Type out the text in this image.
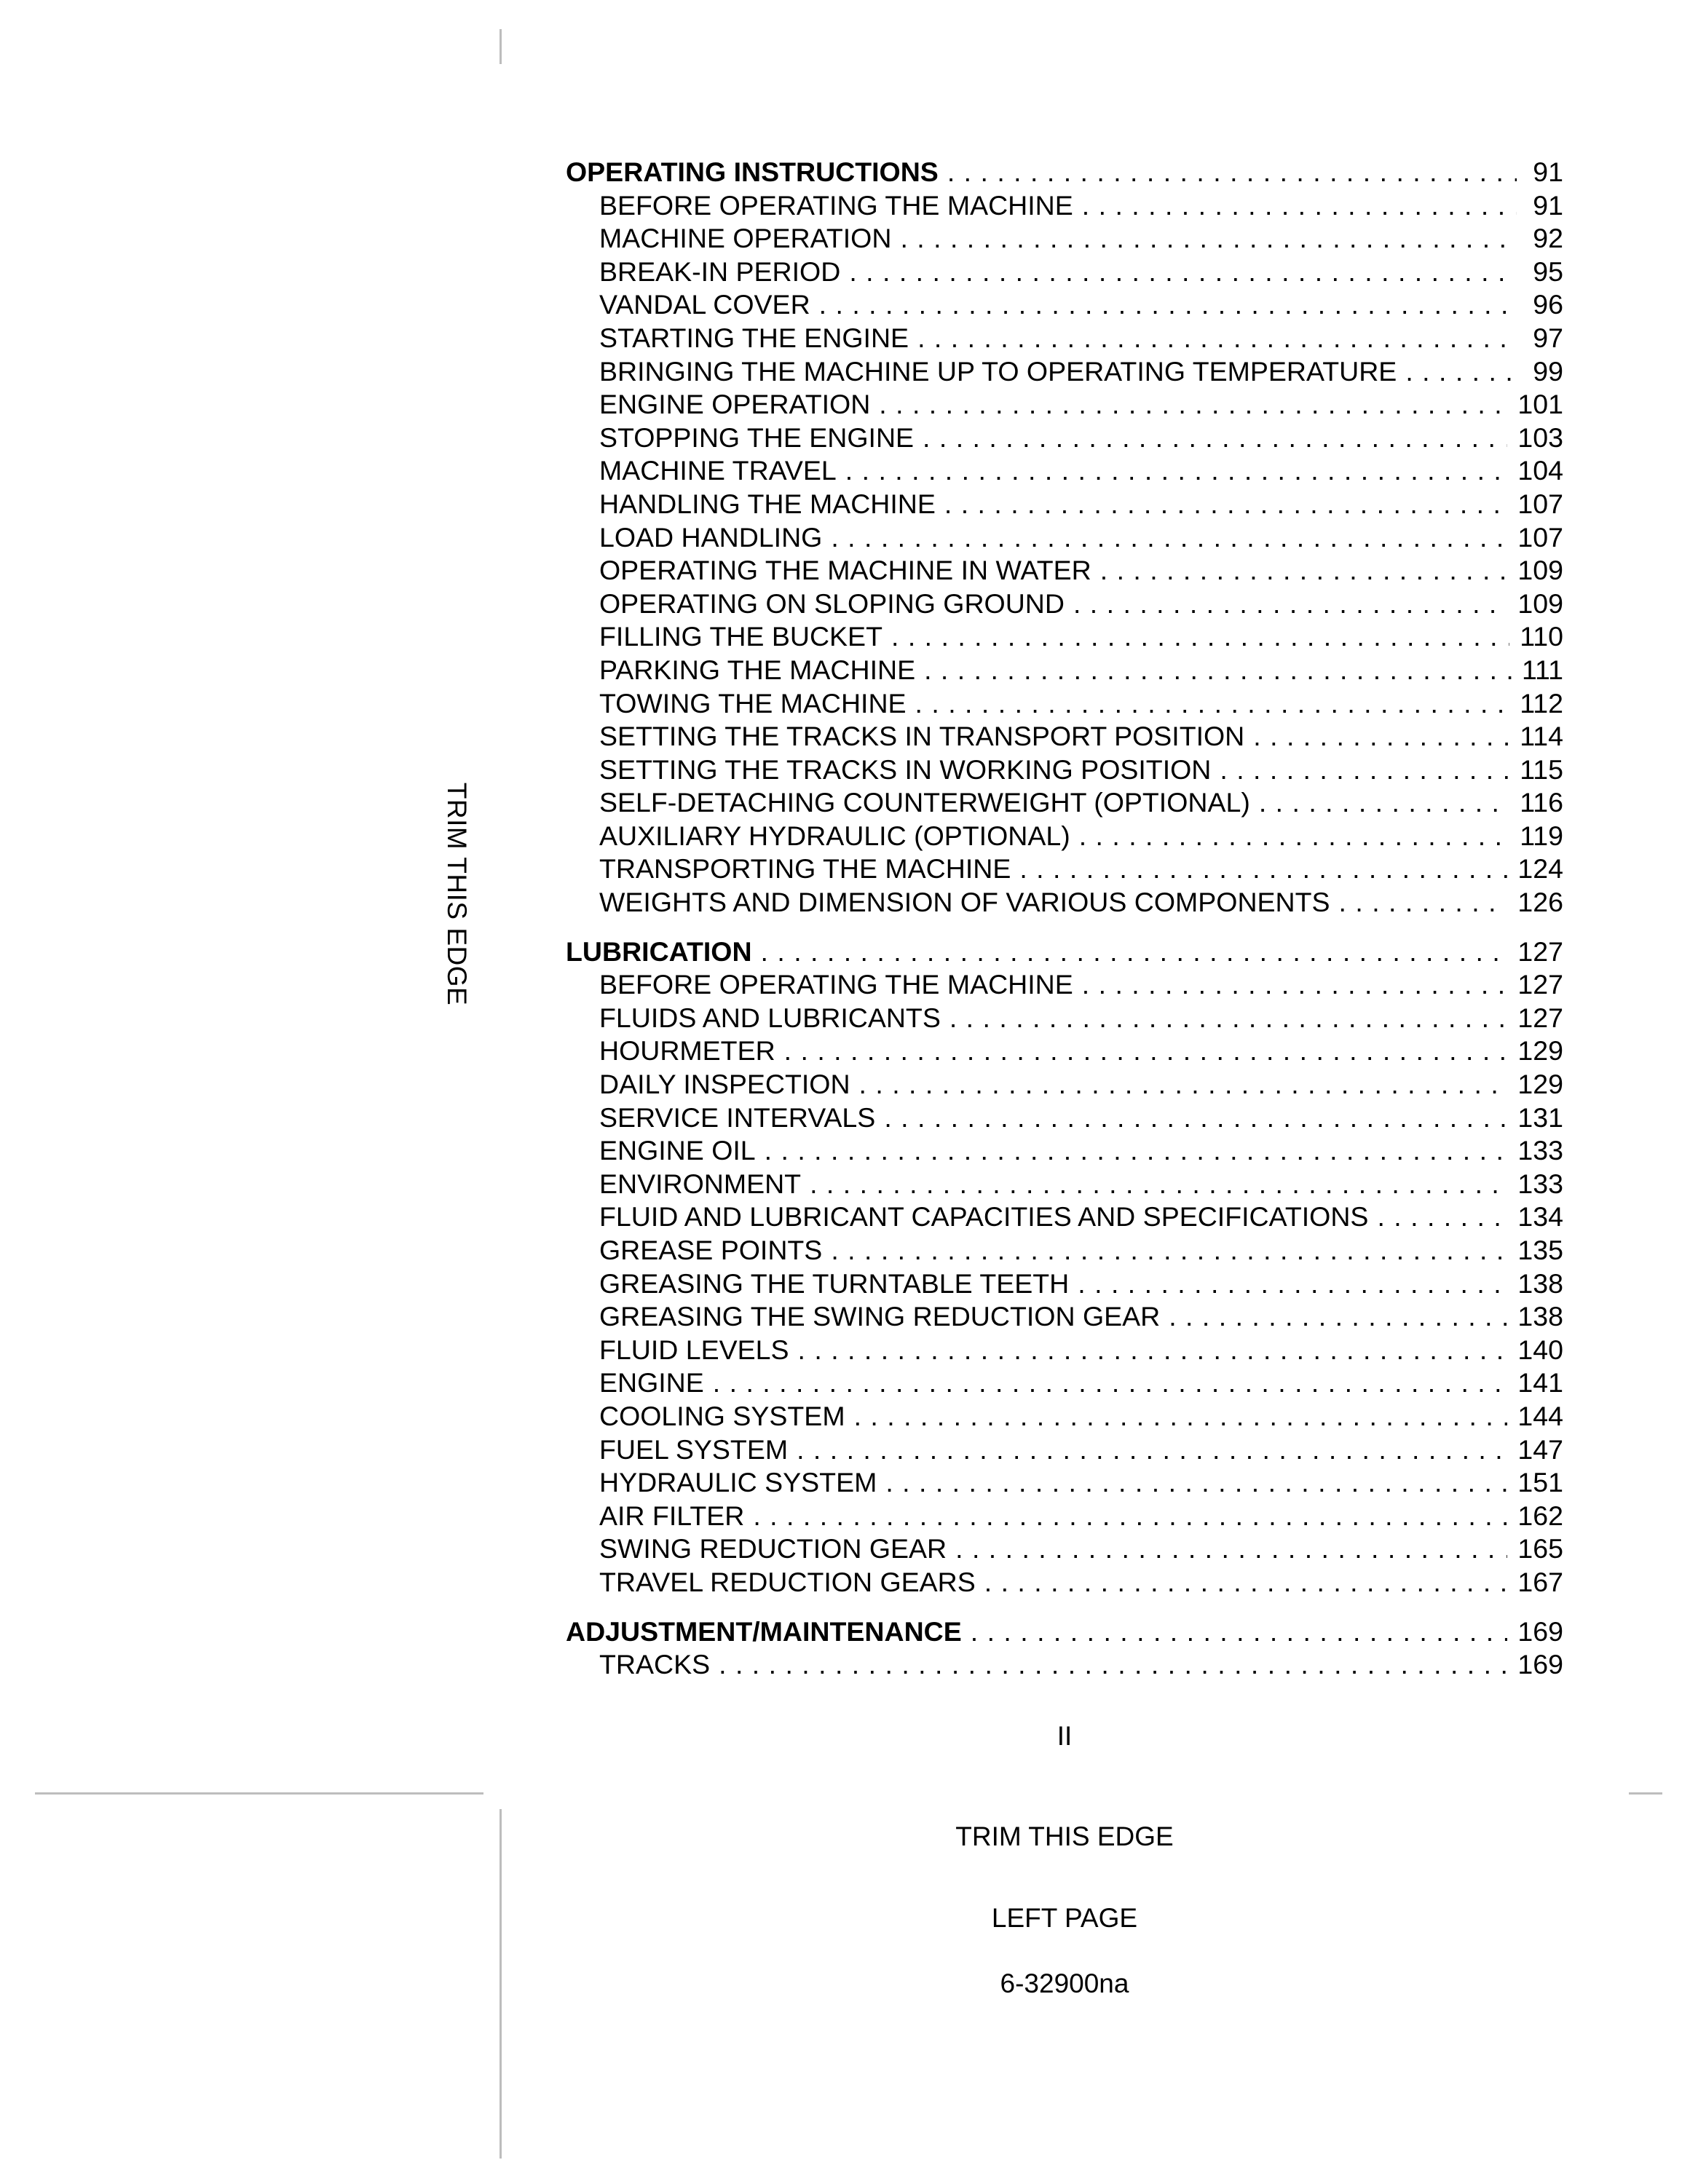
TRIM THIS EDGE
OPERATING INSTRUCTIONS . . .	91
BEFORE OPERATING THE MACHINE . . .	91
MACHINE OPERATION . . .	92
BREAK-IN PERIOD . . .	95
VANDAL COVER . . .	96
STARTING THE ENGINE . . .	97
BRINGING THE MACHINE UP TO OPERATING TEMPERATURE . . .	99
ENGINE OPERATION . . .	101
STOPPING THE ENGINE . . .	103
MACHINE TRAVEL . . .	104
HANDLING THE MACHINE . . .	107
LOAD HANDLING . . .	107
OPERATING THE MACHINE IN WATER . . .	109
OPERATING ON SLOPING GROUND . . .	109
FILLING THE BUCKET . . .	110
PARKING THE MACHINE . . .	111
TOWING THE MACHINE . . .	112
SETTING THE TRACKS IN TRANSPORT POSITION . . .	114
SETTING THE TRACKS IN WORKING POSITION . . .	115
SELF-DETACHING COUNTERWEIGHT (OPTIONAL) . . .	116
AUXILIARY HYDRAULIC (OPTIONAL) . . .	119
TRANSPORTING THE MACHINE . . .	124
WEIGHTS AND DIMENSION OF VARIOUS COMPONENTS . . .	126
LUBRICATION . . .	127
BEFORE OPERATING THE MACHINE . . .	127
FLUIDS AND LUBRICANTS . . .	127
HOURMETER . . .	129
DAILY INSPECTION . . .	129
SERVICE INTERVALS . . .	131
ENGINE OIL . . .	133
ENVIRONMENT . . .	133
FLUID AND LUBRICANT CAPACITIES AND SPECIFICATIONS . . .	134
GREASE POINTS . . .	135
GREASING THE TURNTABLE TEETH . . .	138
GREASING THE SWING REDUCTION GEAR . . .	138
FLUID LEVELS . . .	140
ENGINE . . .	141
COOLING SYSTEM . . .	144
FUEL SYSTEM . . .	147
HYDRAULIC SYSTEM . . .	151
AIR FILTER . . .	162
SWING REDUCTION GEAR . . .	165
TRAVEL REDUCTION GEARS . . .	167
ADJUSTMENT/MAINTENANCE . . .	169
TRACKS . . .	169
II
TRIM THIS EDGE
LEFT PAGE
6-32900na
